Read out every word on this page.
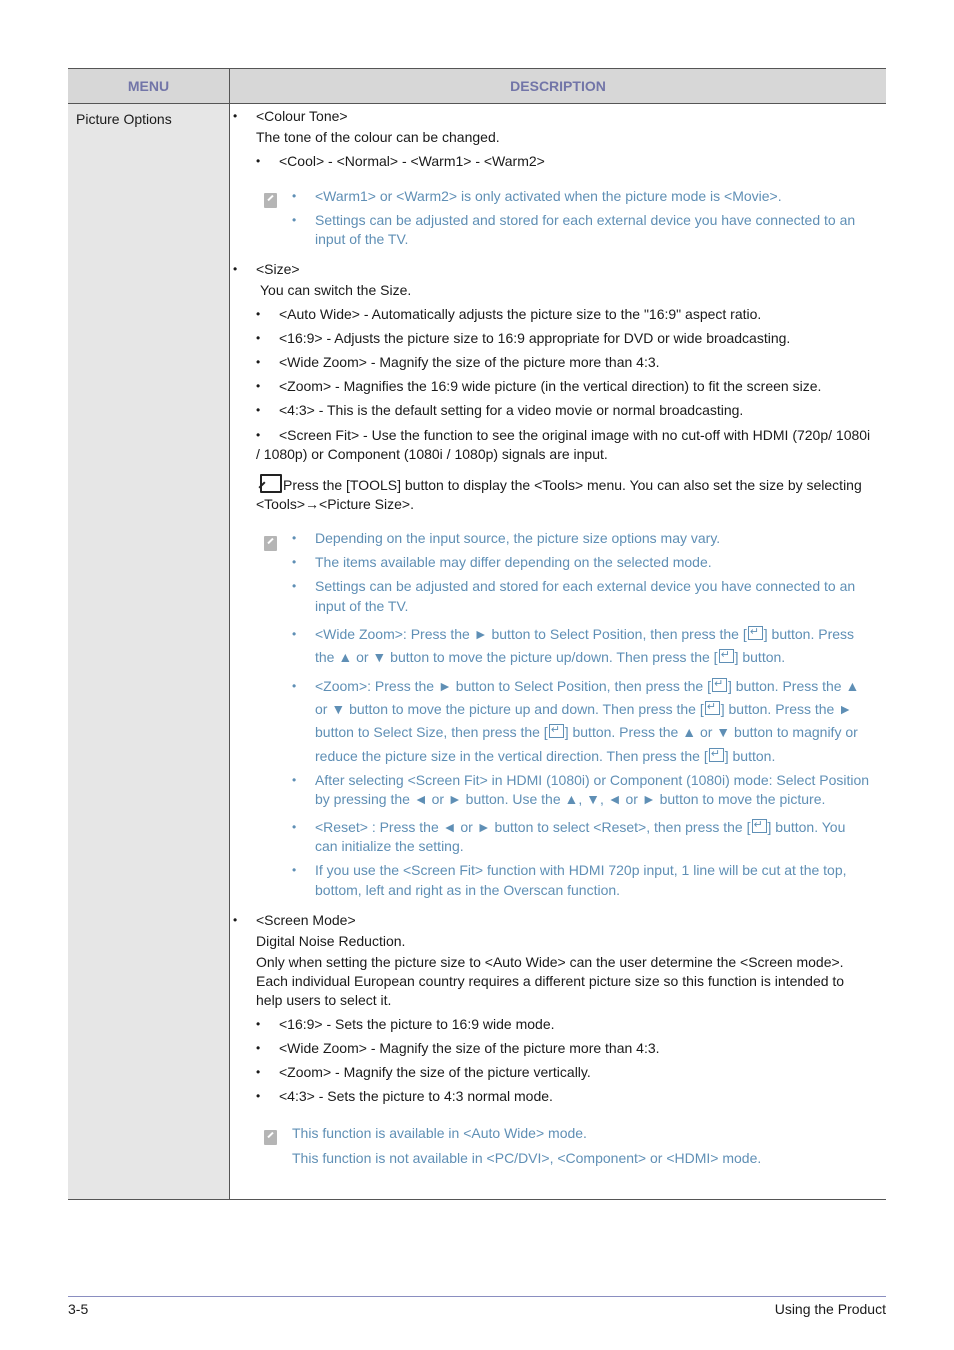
MENU	DESCRIPTION
Picture Options	• <Colour Tone>
The tone of the colour can be changed.
• <Cool> - <Normal> - <Warm1> - <Warm2>
• <Warm1> or <Warm2> is only activated when the picture mode is <Movie>.
• Settings can be adjusted and stored for each external device you have connected to an
input of the TV.
• <Size>
You can switch the Size.
• <Auto Wide> - Automatically adjusts the picture size to the "16:9" aspect ratio.
• <16:9> - Adjusts the picture size to 16:9 appropriate for DVD or wide broadcasting.
• <Wide Zoom> - Magnify the size of the picture more than 4:3.
• <Zoom> - Magnifies the 16:9 wide picture (in the vertical direction) to fit the screen size.
• <4:3> - This is the default setting for a video movie or normal broadcasting.
• <Screen Fit> - Use the function to see the original image with no cut-off with HDMI (720p/ 1080i
/ 1080p) or Component (1080i / 1080p) signals are input.
Press the [TOOLS] button to display the <Tools> menu. You can also set the size by selecting
<Tools>→<Picture Size>.
• Depending on the input source, the picture size options may vary.
• The items available may differ depending on the selected mode.
• Settings can be adjusted and stored for each external device you have connected to an
input of the TV.
• <Wide Zoom>: Press the ► button to Select Position, then press the [ ↵ ] button. Press
the ▲ or ▼ button to move the picture up/down. Then press the [ ↵ ] button.
• <Zoom>: Press the ► button to Select Position, then press the [ ↵ ] button. Press the ▲
or ▼ button to move the picture up and down. Then press the [ ↵ ] button. Press the ►
button to Select Size, then press the [ ↵ ] button. Press the ▲ or ▼ button to magnify or
reduce the picture size in the vertical direction. Then press the [ ↵ ] button.
• After selecting <Screen Fit> in HDMI (1080i) or Component (1080i) mode: Select Position
by pressing the ◄ or ► button. Use the ▲, ▼, ◄ or ► button to move the picture.
• <Reset> : Press the ◄ or ► button to select <Reset>, then press the [ ↵ ] button. You
can initialize the setting.
• If you use the <Screen Fit> function with HDMI 720p input, 1 line will be cut at the top,
bottom, left and right as in the Overscan function.
• <Screen Mode>
Digital Noise Reduction.
Only when setting the picture size to <Auto Wide> can the user determine the <Screen mode>.
Each individual European country requires a different picture size so this function is intended to
help users to select it.
• <16:9> - Sets the picture to 16:9 wide mode.
• <Wide Zoom> - Magnify the size of the picture more than 4:3.
• <Zoom> - Magnify the size of the picture vertically.
• <4:3> - Sets the picture to 4:3 normal mode.
This function is available in <Auto Wide> mode.
This function is not available in <PC/DVI>, <Component> or <HDMI> mode.
3-5	Using the Product
